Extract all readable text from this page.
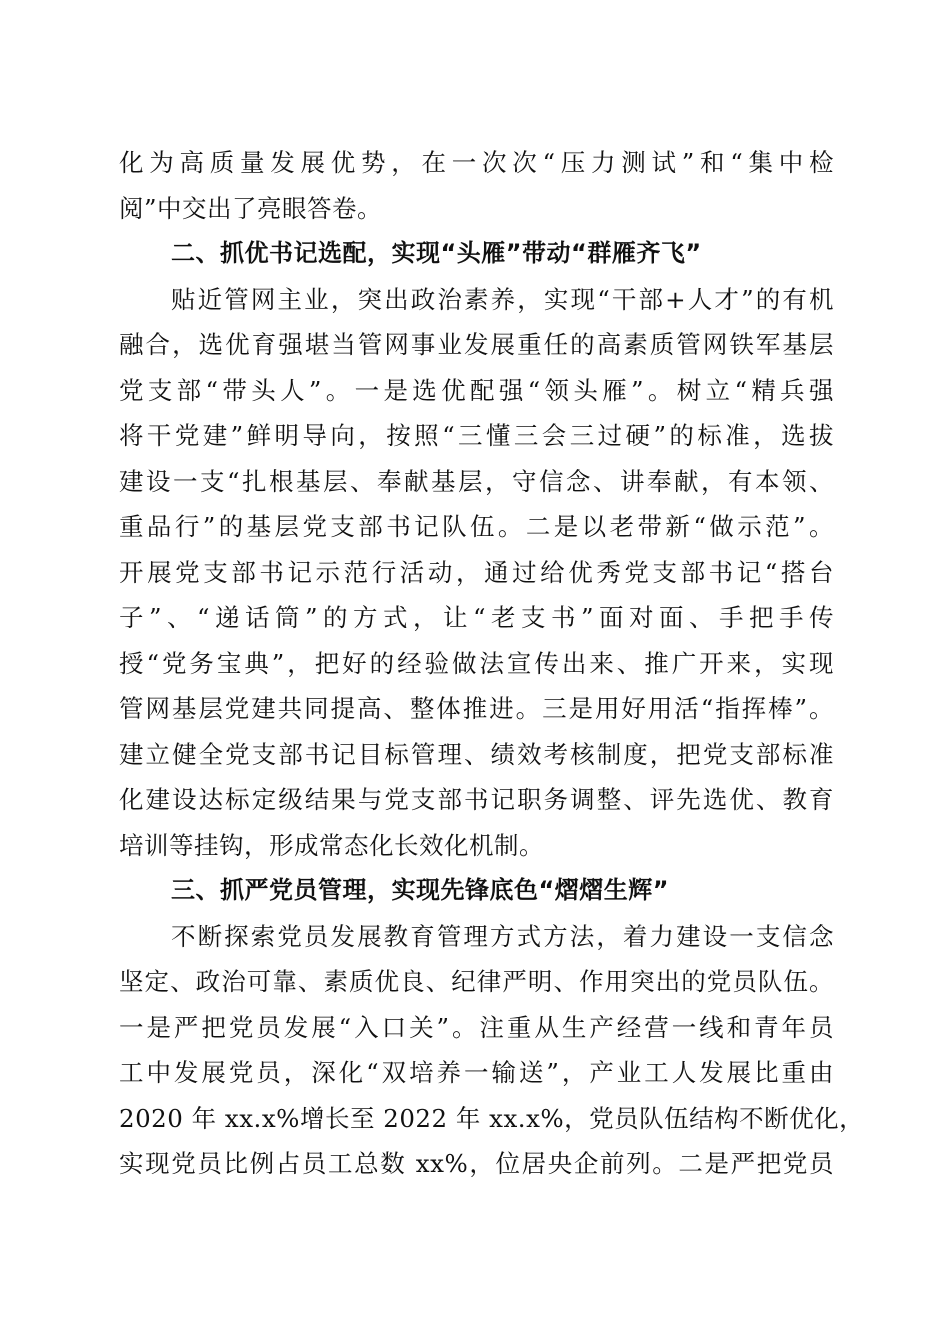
化为高质量发展优势，在一次次“压力测试”和“集中检
阅”中交出了亮眼答卷。
二、抓优书记选配，实现“头雁”带动“群雁齐飞”
贴近管网主业，突出政治素养，实现“干部+人才”的有机
融合，选优育强堪当管网事业发展重任的高素质管网铁军基层
党支部“带头人”。一是选优配强“领头雁”。树立“精兵强
将干党建”鲜明导向，按照“三懂三会三过硬”的标准，选拔
建设一支“扎根基层、奉献基层，守信念、讲奉献，有本领、
重品行”的基层党支部书记队伍。二是以老带新“做示范”。
开展党支部书记示范行活动，通过给优秀党支部书记“搭台
子”、“递话筒”的方式，让“老支书”面对面、手把手传
授“党务宝典”，把好的经验做法宣传出来、推广开来，实现
管网基层党建共同提高、整体推进。三是用好用活“指挥棒”。
建立健全党支部书记目标管理、绩效考核制度，把党支部标准
化建设达标定级结果与党支部书记职务调整、评先选优、教育
培训等挂钩，形成常态化长效化机制。
三、抓严党员管理，实现先锋底色“熠熠生辉”
不断探索党员发展教育管理方式方法，着力建设一支信念
坚定、政治可靠、素质优良、纪律严明、作用突出的党员队伍。
一是严把党员发展“入口关”。注重从生产经营一线和青年员
工中发展党员，深化“双培养一输送”，产业工人发展比重由
2020 年 xx.x%增长至 2022 年 xx.x%，党员队伍结构不断优化，
实现党员比例占员工总数 xx%，位居央企前列。二是严把党员
